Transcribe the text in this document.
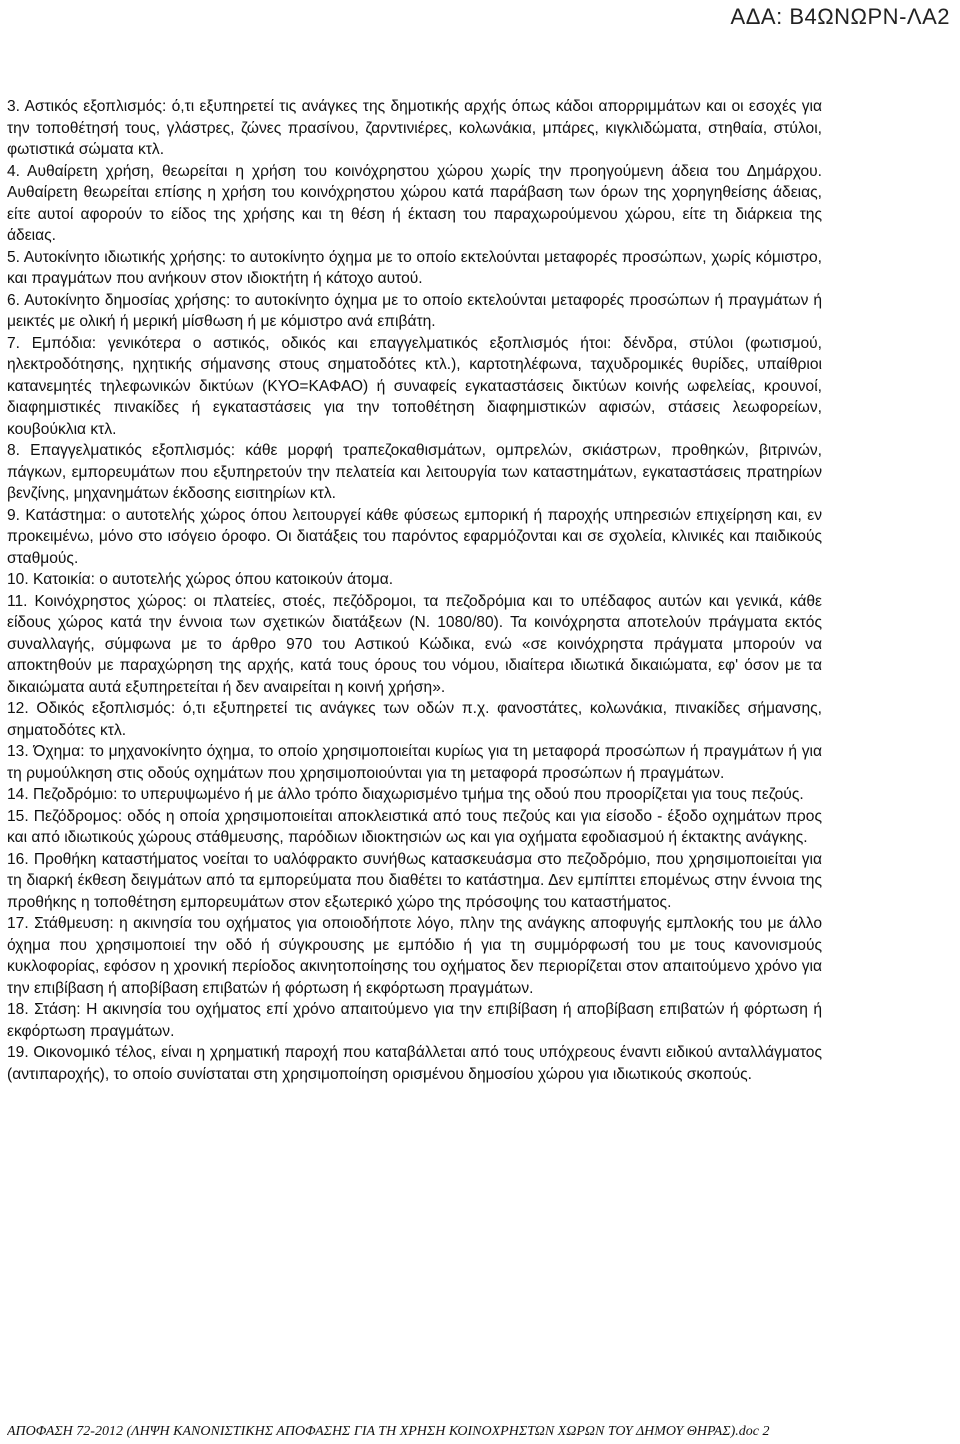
ΑΔΑ: Β4ΩΝΩΡΝ-ΛΑ2

3. Αστικός εξοπλισμός: ό,τι εξυπηρετεί τις ανάγκες της δημοτικής αρχής όπως κάδοι απορριμμάτων και οι εσοχές για την τοποθέτησή τους, γλάστρες, ζώνες πρασίνου, ζαρντινιέρες, κολωνάκια, μπάρες, κιγκλιδώματα, στηθαία, στύλοι, φωτιστικά σώματα κτλ.

4. Αυθαίρετη χρήση, θεωρείται η χρήση του κοινόχρηστου χώρου χωρίς την προηγούμενη άδεια του Δημάρχου. Αυθαίρετη θεωρείται επίσης η χρήση του κοινόχρηστου χώρου κατά παράβαση των όρων της χορηγηθείσης άδειας, είτε αυτοί αφορούν το είδος της χρήσης και τη θέση ή έκταση του παραχωρούμενου χώρου, είτε τη διάρκεια της άδειας.

5. Αυτοκίνητο ιδιωτικής χρήσης: το αυτοκίνητο όχημα με το οποίο εκτελούνται μεταφορές προσώπων, χωρίς κόμιστρο, και πραγμάτων που ανήκουν στον ιδιοκτήτη ή κάτοχο αυτού.

6. Αυτοκίνητο δημοσίας χρήσης: το αυτοκίνητο όχημα με το οποίο εκτελούνται μεταφορές προσώπων ή πραγμάτων ή μεικτές με ολική ή μερική μίσθωση ή με κόμιστρο ανά επιβάτη.

7. Εμπόδια: γενικότερα ο αστικός, οδικός και επαγγελματικός εξοπλισμός ήτοι: δένδρα, στύλοι (φωτισμού, ηλεκτροδότησης, ηχητικής σήμανσης στους σηματοδότες κτλ.), καρτοτηλέφωνα, ταχυδρομικές θυρίδες, υπαίθριοι κατανεμητές τηλεφωνικών δικτύων (ΚΥΟ=ΚΑΦΑΟ) ή συναφείς εγκαταστάσεις δικτύων κοινής ωφελείας, κρουνοί, διαφημιστικές πινακίδες ή εγκαταστάσεις για την τοποθέτηση διαφημιστικών αφισών, στάσεις λεωφορείων, κουβούκλια κτλ.

8. Επαγγελματικός εξοπλισμός: κάθε μορφή τραπεζοκαθισμάτων, ομπρελών, σκιάστρων, προθηκών, βιτρινών, πάγκων, εμπορευμάτων που εξυπηρετούν την πελατεία και λειτουργία των καταστημάτων, εγκαταστάσεις πρατηρίων βενζίνης, μηχανημάτων έκδοσης εισιτηρίων κτλ.

9. Κατάστημα: ο αυτοτελής χώρος όπου λειτουργεί κάθε φύσεως εμπορική ή παροχής υπηρεσιών επιχείρηση και, εν προκειμένω, μόνο στο ισόγειο όροφο. Οι διατάξεις του παρόντος εφαρμόζονται και σε σχολεία, κλινικές και παιδικούς σταθμούς.

10. Κατοικία: ο αυτοτελής χώρος όπου κατοικούν άτομα.

11. Κοινόχρηστος χώρος: οι πλατείες, στοές, πεζόδρομοι, τα πεζοδρόμια και το υπέδαφος αυτών και γενικά, κάθε είδους χώρος κατά την έννοια των σχετικών διατάξεων (Ν. 1080/80). Τα κοινόχρηστα αποτελούν πράγματα εκτός συναλλαγής, σύμφωνα με το άρθρο 970 του Αστικού Κώδικα, ενώ «σε κοινόχρηστα πράγματα μπορούν να αποκτηθούν με παραχώρηση της αρχής, κατά τους όρους του νόμου, ιδιαίτερα ιδιωτικά δικαιώματα, εφ' όσον με τα δικαιώματα αυτά εξυπηρετείται ή δεν αναιρείται η κοινή χρήση».

12. Οδικός εξοπλισμός: ό,τι εξυπηρετεί τις ανάγκες των οδών π.χ. φανοστάτες, κολωνάκια, πινακίδες σήμανσης, σηματοδότες κτλ.

13. Όχημα: το μηχανοκίνητο όχημα, το οποίο χρησιμοποιείται κυρίως για τη μεταφορά προσώπων ή πραγμάτων ή για τη ρυμούλκηση στις οδούς οχημάτων που χρησιμοποιούνται για τη μεταφορά προσώπων ή πραγμάτων.

14. Πεζοδρόμιο: το υπερυψωμένο ή με άλλο τρόπο διαχωρισμένο τμήμα της οδού που προορίζεται για τους πεζούς.

15. Πεζόδρομος: οδός η οποία χρησιμοποιείται αποκλειστικά από τους πεζούς και για είσοδο - έξοδο οχημάτων προς και από ιδιωτικούς χώρους στάθμευσης, παρόδιων ιδιοκτησιών ως και για οχήματα εφοδιασμού ή έκτακτης ανάγκης.

16. Προθήκη καταστήματος νοείται το υαλόφρακτο συνήθως κατασκευάσμα στο πεζοδρόμιο, που χρησιμοποιείται για τη διαρκή έκθεση δειγμάτων από τα εμπορεύματα που διαθέτει το κατάστημα. Δεν εμπίπτει επομένως στην έννοια της προθήκης η τοποθέτηση εμπορευμάτων στον εξωτερικό χώρο της πρόσοψης του καταστήματος.

17. Στάθμευση: η ακινησία του οχήματος για οποιοδήποτε λόγο, πλην της ανάγκης αποφυγής εμπλοκής του με άλλο όχημα που χρησιμοποιεί την οδό ή σύγκρουσης με εμπόδιο ή για τη συμμόρφωσή του με τους κανονισμούς κυκλοφορίας, εφόσον η χρονική περίοδος ακινητοποίησης του οχήματος δεν περιορίζεται στον απαιτούμενο χρόνο για την επιβίβαση ή αποβίβαση επιβατών ή φόρτωση ή εκφόρτωση πραγμάτων.

18. Στάση: Η ακινησία του οχήματος επί χρόνο απαιτούμενο για την επιβίβαση ή αποβίβαση επιβατών ή φόρτωση ή εκφόρτωση πραγμάτων.

19. Οικονομικό τέλος, είναι η χρηματική παροχή που καταβάλλεται από τους υπόχρεους έναντι ειδικού ανταλλάγματος (αντιπαροχής), το οποίο συνίσταται στη χρησιμοποίηση ορισμένου δημοσίου χώρου για ιδιωτικούς σκοπούς.

ΑΠΟΦΑΣΗ 72-2012 (ΛΗΨΗ ΚΑΝΟΝΙΣΤΙΚΗΣ ΑΠΟΦΑΣΗΣ ΓΙΑ ΤΗ ΧΡΗΣΗ ΚΟΙΝΟΧΡΗΣΤΩΝ ΧΩΡΩΝ ΤΟΥ ΔΗΜΟΥ ΘΗΡΑΣ).doc 2
